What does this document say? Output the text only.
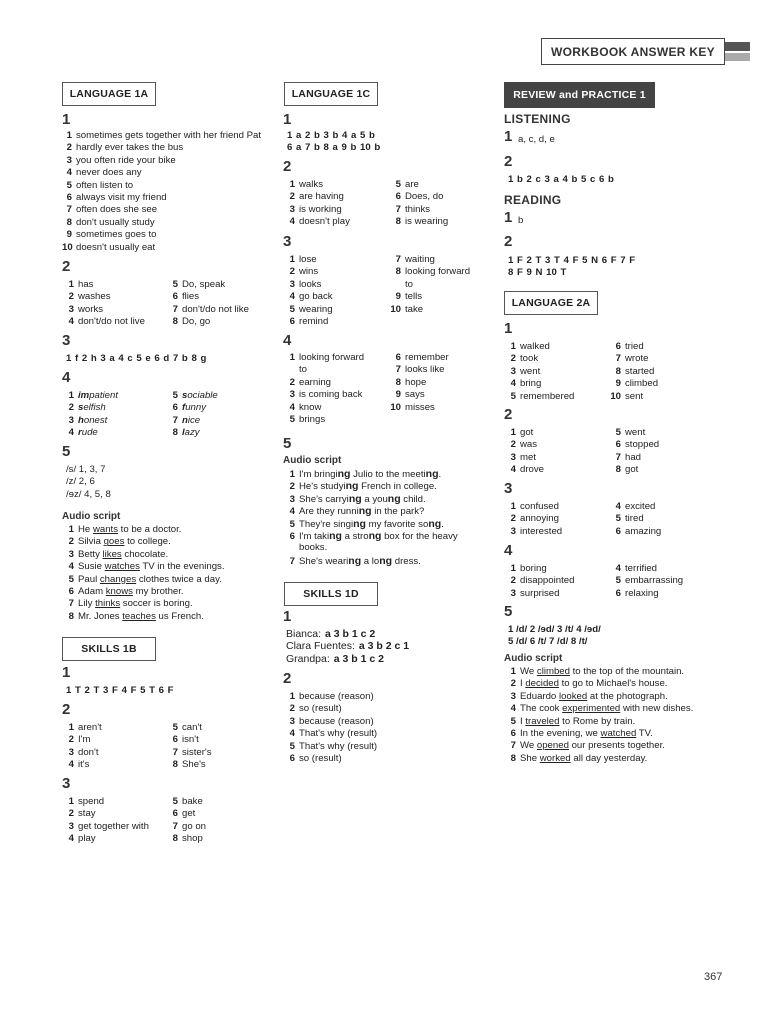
WORKBOOK ANSWER KEY
LANGUAGE 1A
1
1 sometimes gets together with her friend Pat
2 hardly ever takes the bus
3 you often ride your bike
4 never does any
5 often listen to
6 always visit my friend
7 often does she see
8 don't usually study
9 sometimes goes to
10 doesn't usually eat
2
1 has
2 washes
3 works
4 don't/do not live
5 Do, speak
6 flies
7 don't/do not like
8 Do, go
3
1 f 2 h 3 a 4 c 5 e 6 d 7 b 8 g
4
1 impatient
2 selfish
3 honest
4 rude
5 sociable
6 funny
7 nice
8 lazy
5
/s/ 1, 3, 7
/z/ 2, 6
/ɘz/ 4, 5, 8
Audio script
1 He wants to be a doctor.
2 Silvia goes to college.
3 Betty likes chocolate.
4 Susie watches TV in the evenings.
5 Paul changes clothes twice a day.
6 Adam knows my brother.
7 Lily thinks soccer is boring.
8 Mr. Jones teaches us French.
SKILLS 1B
1
1 T 2 T 3 F 4 F 5 T 6 F
2
1 aren't
2 I'm
3 don't
4 it's
5 can't
6 isn't
7 sister's
8 She's
3
1 spend
2 stay
3 get together with
4 play
5 bake
6 get
7 go on
8 shop
LANGUAGE 1C
1
1 a 2 b 3 b 4 a 5 b
6 a 7 b 8 a 9 b 10 b
2
1 walks
2 are having
3 is working
4 doesn't play
5 are
6 Does, do
7 thinks
8 is wearing
3
1 lose
2 wins
3 looks
4 go back
5 wearing
6 remind
7 waiting
8 looking forward
to
9 tells
10 take
4
1 looking forward
to
2 earning
3 is coming back
4 know
5 brings
6 remember
7 looks like
8 hope
9 says
10 misses
5
Audio script
1 I'm bringing Julio to the meeting.
2 He's studying French in college.
3 She's carrying a young child.
4 Are they running in the park?
5 They're singing my favorite song.
6 I'm taking a strong box for the heavy
books.
7 She's wearing a long dress.
SKILLS 1D
1
Bianca: a 3 b 1 c 2
Clara Fuentes: a 3 b 2 c 1
Grandpa: a 3 b 1 c 2
2
1 because (reason)
2 so (result)
3 because (reason)
4 That's why (result)
5 That's why (result)
6 so (result)
REVIEW and PRACTICE 1
LISTENING
1 a, c, d, e
2
1 b 2 c 3 a 4 b 5 c 6 b
READING
1 b
2
1 F 2 T 3 T 4 F 5 N 6 F 7 F
8 F 9 N 10 T
LANGUAGE 2A
1
1 walked
2 took
3 went
4 bring
5 remembered
6 tried
7 wrote
8 started
9 climbed
10 sent
2
1 got
2 was
3 met
4 drove
5 went
6 stopped
7 had
8 got
3
1 confused
2 annoying
3 interested
4 excited
5 tired
6 amazing
4
1 boring
2 disappointed
3 surprised
4 terrified
5 embarrassing
6 relaxing
5
1 /d/ 2 /ɘd/ 3 /t/ 4 /ɘd/
5 /d/ 6 /t/ 7 /d/ 8 /t/
Audio script
1 We climbed to the top of the mountain.
2 I decided to go to Michael's house.
3 Eduardo looked at the photograph.
4 The cook experimented with new dishes.
5 I traveled to Rome by train.
6 In the evening, we watched TV.
7 We opened our presents together.
8 She worked all day yesterday.
367
